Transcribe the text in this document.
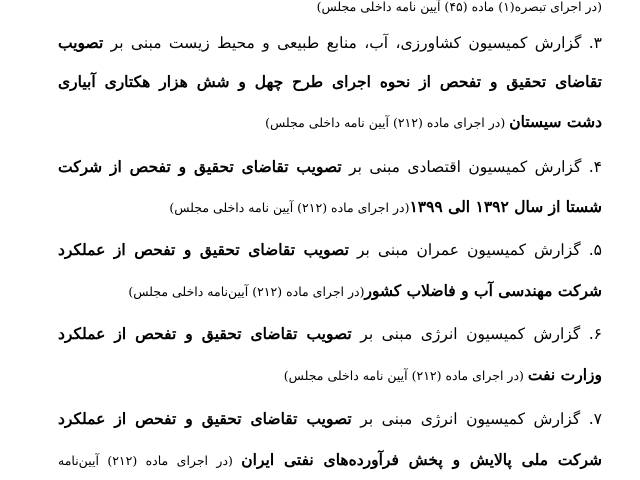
(در اجرای تبصره(۱) ماده (۴۵) آیین نامه داخلی مجلس)
۳. گزارش کمیسیون کشاورزی، آب، منابع طبیعی و محیط زیست مبنی بر تصویب
تقاضای تحقیق و تفحص از نحوه اجرای طرح چهل و شش هزار هکتاری آبیاری
دشت سیستان (در اجرای ماده (۲۱۲) آیین نامه داخلی مجلس)
۴. گزارش کمیسیون اقتصادی مبنی بر تصویب تقاضای تحقیق و تفحص از شرکت
شستا از سال ۱۳۹۲ الی ۱۳۹۹(در اجرای ماده (۲۱۲) آیین نامه داخلی مجلس)
۵. گزارش کمیسیون عمران مبنی بر تصویب تقاضای تحقیق و تفحص از عملکرد
شرکت مهندسی آب و فاضلاب کشور(در اجرای ماده (۲۱۲) آیین‌نامه داخلی مجلس)
۶. گزارش کمیسیون انرژی مبنی بر تصویب تقاضای تحقیق و تفحص از عملکرد
وزارت نفت (در اجرای ماده (۲۱۲) آیین نامه داخلی مجلس)
۷. گزارش کمیسیون انرژی مبنی بر تصویب تقاضای تحقیق و تفحص از عملکرد
شرکت ملی پالایش و پخش فرآورده‌های نفتی ایران (در اجرای ماده (۲۱۲) آیین‌نامه
